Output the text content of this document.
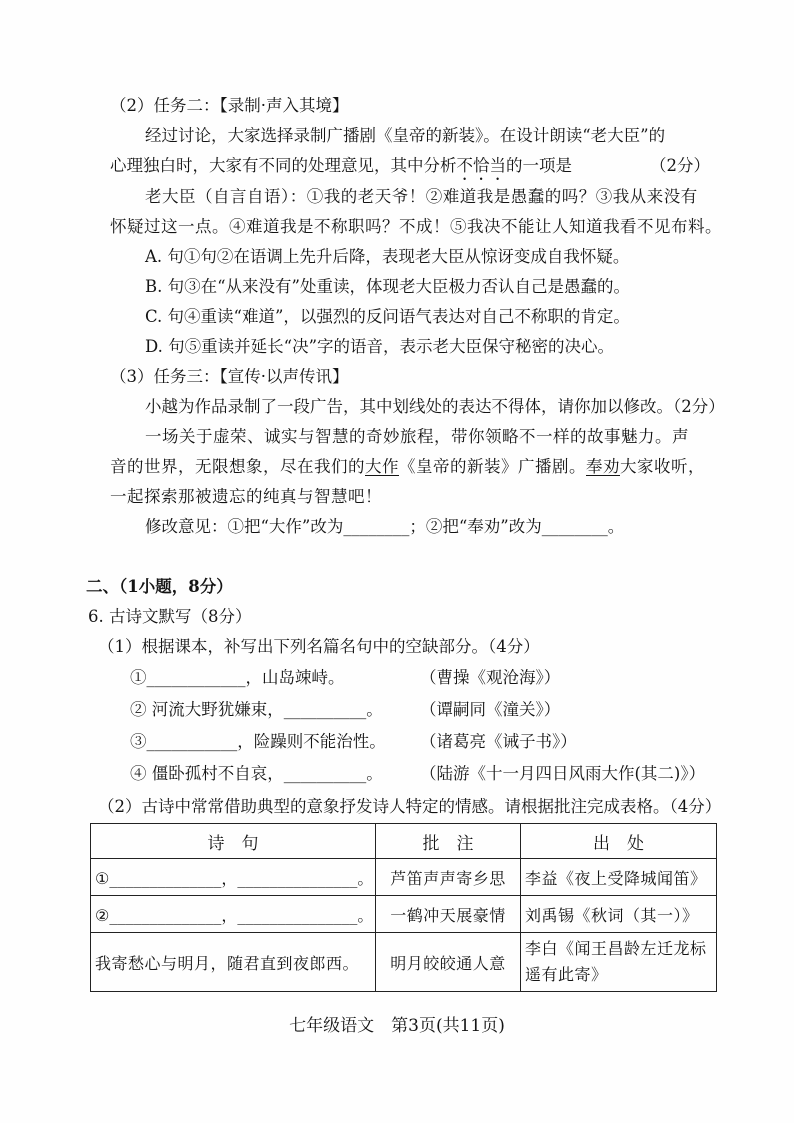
（2）任务二：【录制·声入其境】
经过讨论，大家选择录制广播剧《皇帝的新装》。在设计朗读“老大臣”的
心理独白时，大家有不同的处理意见，其中分析不恰当的一项是	（2分）
老大臣（自言自语）：①我的老天爷！②难道我是愚蠢的吗？③我从来没有
怀疑过这一点。④难道我是不称职吗？不成！⑤我决不能让人知道我看不见布料。
A. 句①句②在语调上先升后降，表现老大臣从惊讶变成自我怀疑。
B. 句③在“从来没有”处重读，体现老大臣极力否认自己是愚蠢的。
C. 句④重读“难道”，以强烈的反问语气表达对自己不称职的肯定。
D. 句⑤重读并延长“决”字的语音，表示老大臣保守秘密的决心。
（3）任务三：【宣传·以声传讯】
小越为作品录制了一段广告，其中划线处的表达不得体，请你加以修改。（2分）
一场关于虚荣、诚实与智慧的奇妙旅程，带你领略不一样的故事魅力。声
音的世界，无限想象，尽在我们的大作《皇帝的新装》广播剧。奉劝大家收听，
一起探索那被遗忘的纯真与智慧吧！
修改意见：①把“大作”改为________；②把“奉劝”改为________。
二、（1小题，8分）
6. 古诗文默写（8分）
（1）根据课本，补写出下列名篇名句中的空缺部分。（4分）
①____________，山岛竦峙。	（曹操《观沧海》）
② 河流大野犹嫌束，__________。 （谭嗣同《潼关》）
③___________，险躁则不能治性。 （诸葛亮《诫子书》）
④ 僵卧孤村不自哀，__________。 （陆游《十一月四日风雨大作(其二)》）
（2）古诗中常常借助典型的意象抒发诗人特定的情感。请根据批注完成表格。（4分）
诗　句	批　注	出　处
①______________，_______________。	芦笛声声寄乡思	李益《夜上受降城闻笛》
②______________，_______________。	一鹤冲天展豪情	刘禹锡《秋词（其一）》
我寄愁心与明月，随君直到夜郎西。	明月皎皎通人意	李白《闻王昌龄左迁龙标遥有此寄》
七年级语文　第3页(共11页)
